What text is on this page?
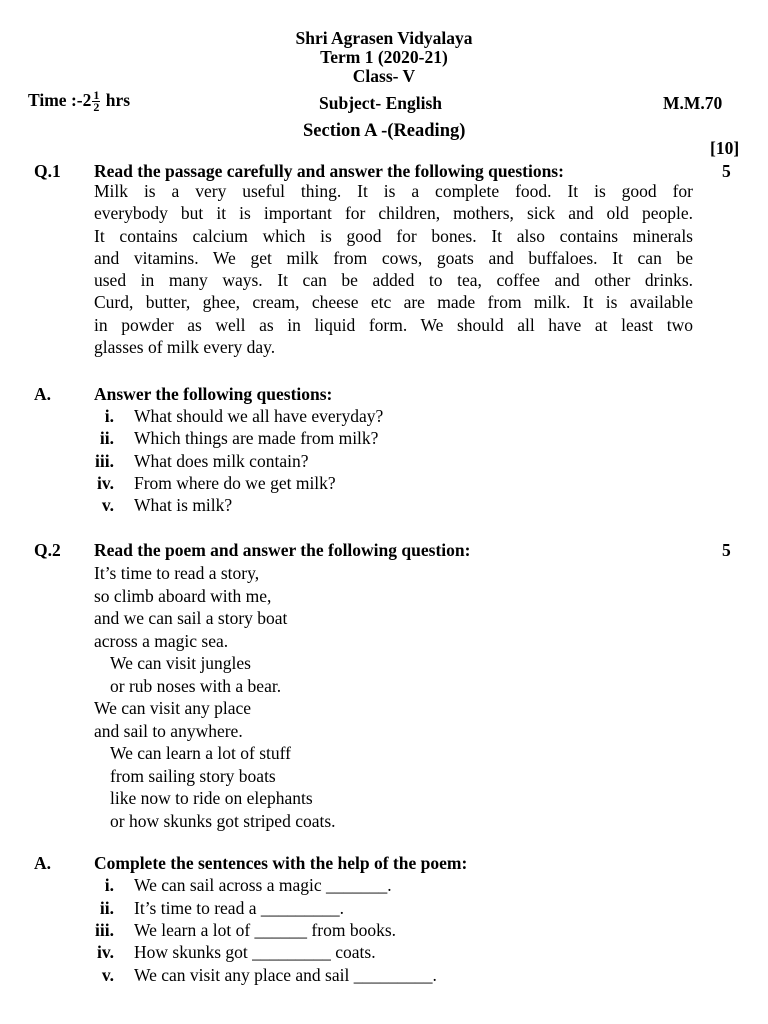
Shri Agrasen Vidyalaya
Term 1 (2020-21)
Class- V
Time :-2 $\frac{1}{2}$ hrs	Subject- English	M.M.70
Section A -(Reading)
[10]
Q.1 Read the passage carefully and answer the following questions:	5
Milk is a very useful thing. It is a complete food. It is good for
everybody but it is important for children, mothers, sick and old people.
It contains calcium which is good for bones. It also contains minerals
and vitamins. We get milk from cows, goats and buffaloes. It can be
used in many ways. It can be added to tea, coffee and other drinks.
Curd, butter, ghee, cream, cheese etc are made from milk. It is available
in powder as well as in liquid form. We should all have at least two
glasses of milk every day.
A. Answer the following questions:
i. What should we all have everyday?
ii. Which things are made from milk?
iii. What does milk contain?
iv. From where do we get milk?
v. What is milk?
Q.2 Read the poem and answer the following question:	5
It’s time to read a story,
so climb aboard with me,
and we can sail a story boat
across a magic sea.
We can visit jungles
or rub noses with a bear.
We can visit any place
and sail to anywhere.
We can learn a lot of stuff
from sailing story boats
like now to ride on elephants
or how skunks got striped coats.
A. Complete the sentences with the help of the poem:
i. We can sail across a magic _______.
ii. It’s time to read a _________.
iii. We learn a lot of ______ from books.
iv. How skunks got _________ coats.
v. We can visit any place and sail _________.
